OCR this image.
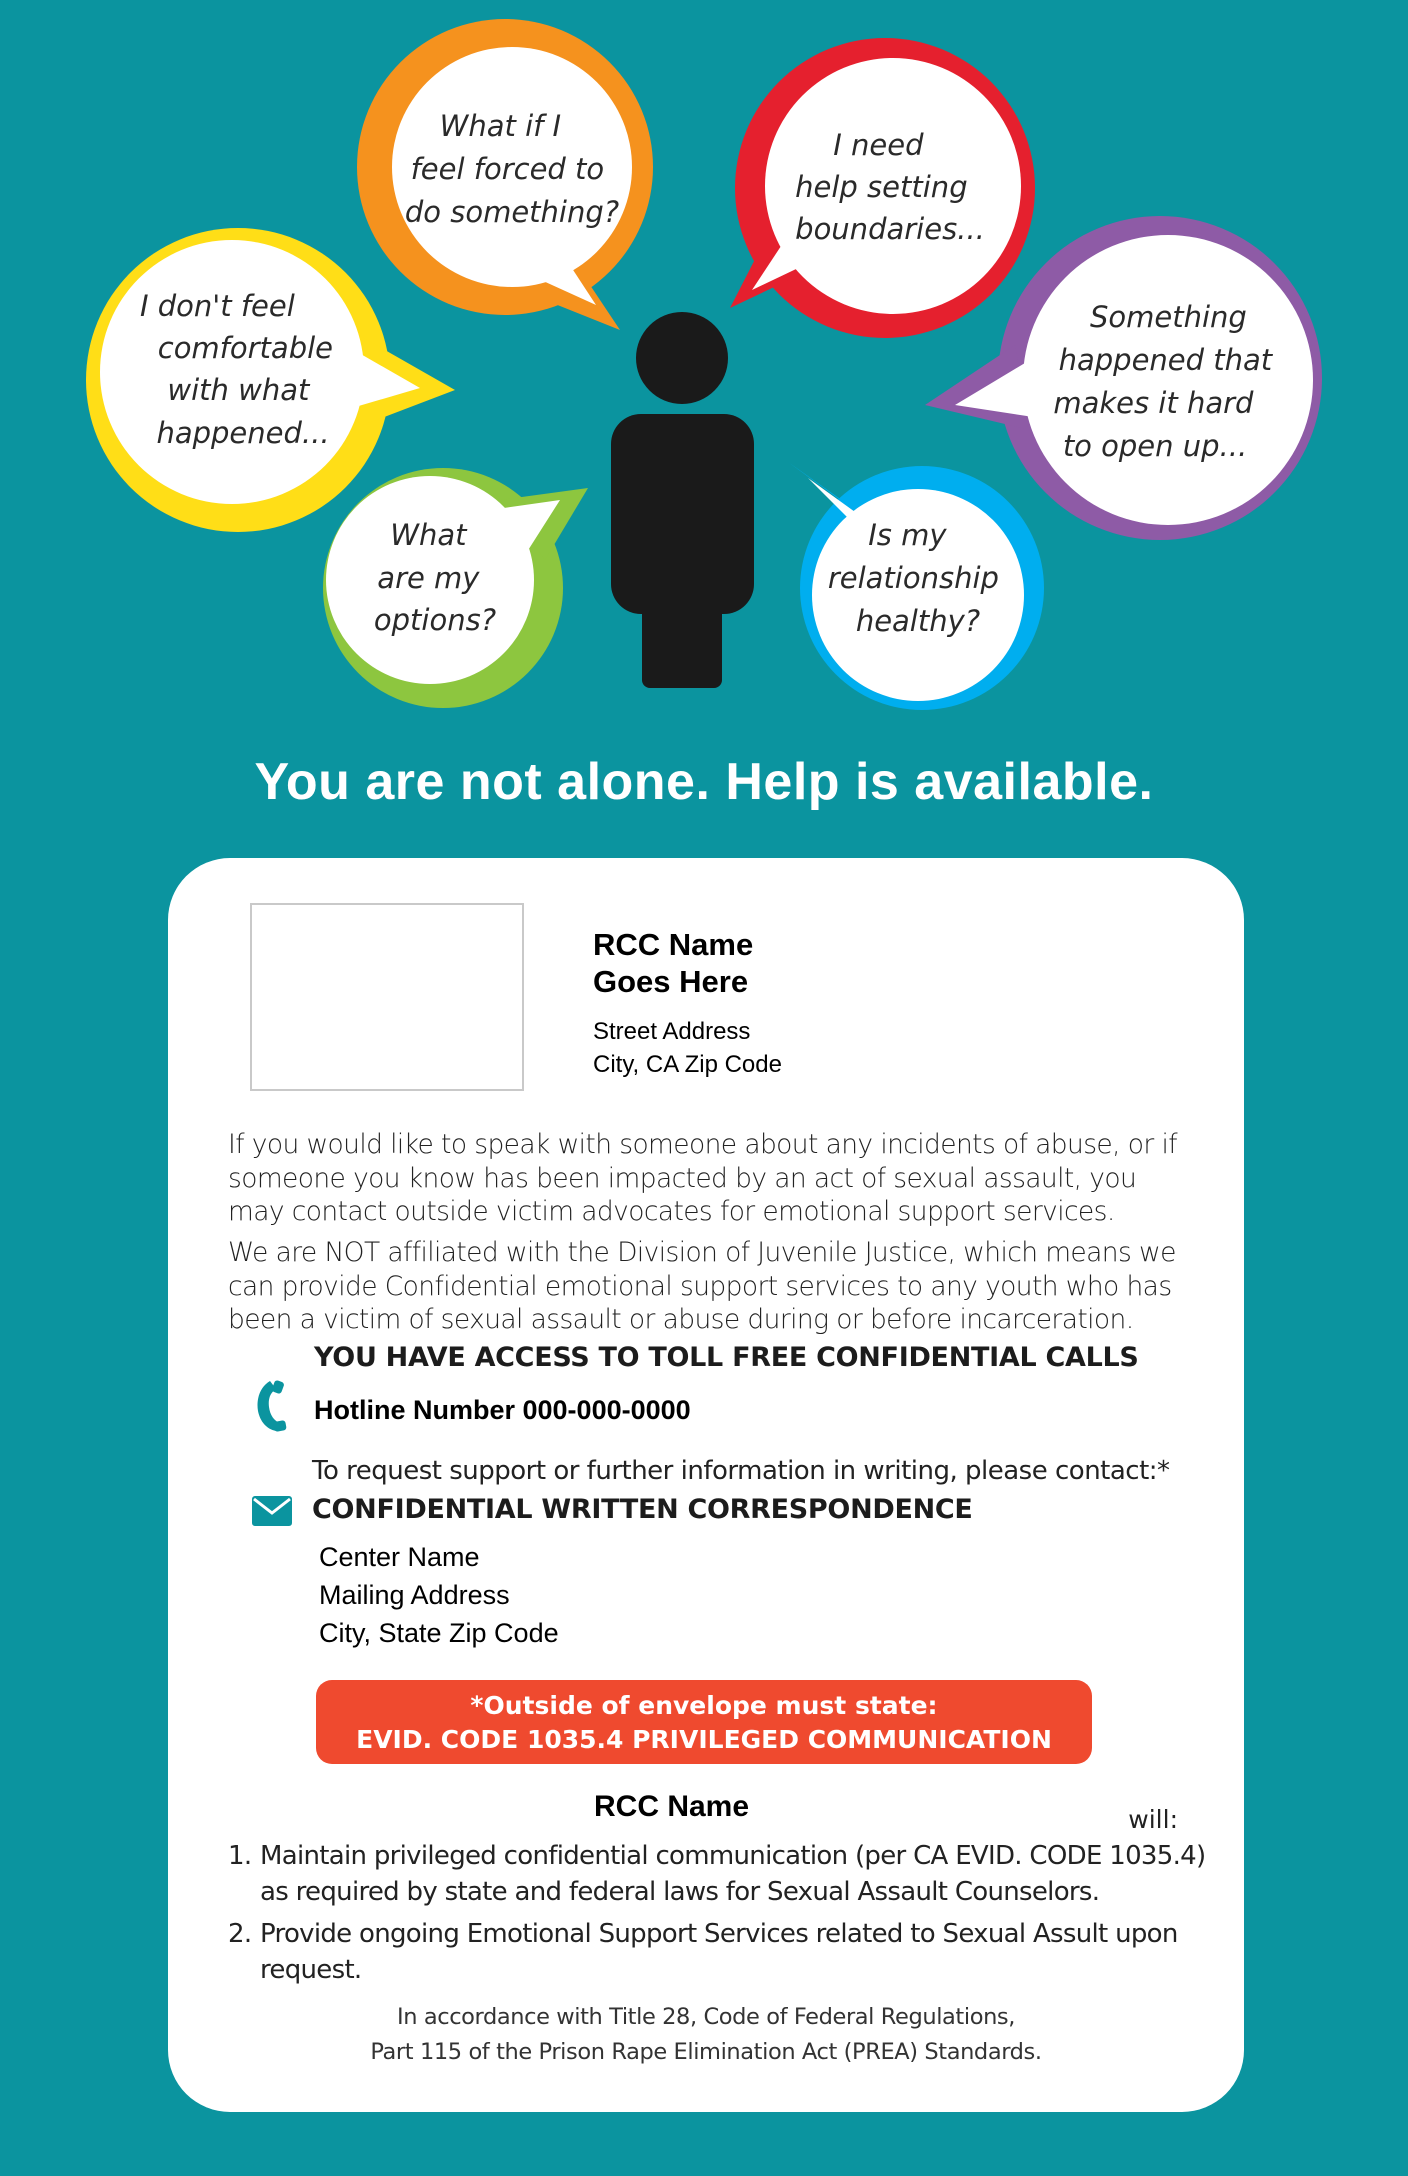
What if I feel forced to do something?
I need help setting boundaries...
I don't feel comfortable with what happened...
Something happened that makes it hard to open up...
What are my options?
Is my relationship healthy?
You are not alone. Help is available.
RCC Name
Goes Here
Street Address
City, CA Zip Code
If you would like to speak with someone about any incidents of abuse, or if someone you know has been impacted by an act of sexual assault, you may contact outside victim advocates for emotional support services.
We are NOT affiliated with the Division of Juvenile Justice, which means we can provide Confidential emotional support services to any youth who has been a victim of sexual assault or abuse during or before incarceration.
YOU HAVE ACCESS TO TOLL FREE CONFIDENTIAL CALLS
Hotline Number 000-000-0000
To request support or further information in writing, please contact:*
CONFIDENTIAL WRITTEN CORRESPONDENCE
Center Name
Mailing Address
City, State Zip Code
*Outside of envelope must state:
EVID. CODE 1035.4 PRIVILEGED COMMUNICATION
RCC Name	will:
1. Maintain privileged confidential communication (per CA EVID. CODE 1035.4) as required by state and federal laws for Sexual Assault Counselors.
2. Provide ongoing Emotional Support Services related to Sexual Assult upon request.
In accordance with Title 28, Code of Federal Regulations,
Part 115 of the Prison Rape Elimination Act (PREA) Standards.
